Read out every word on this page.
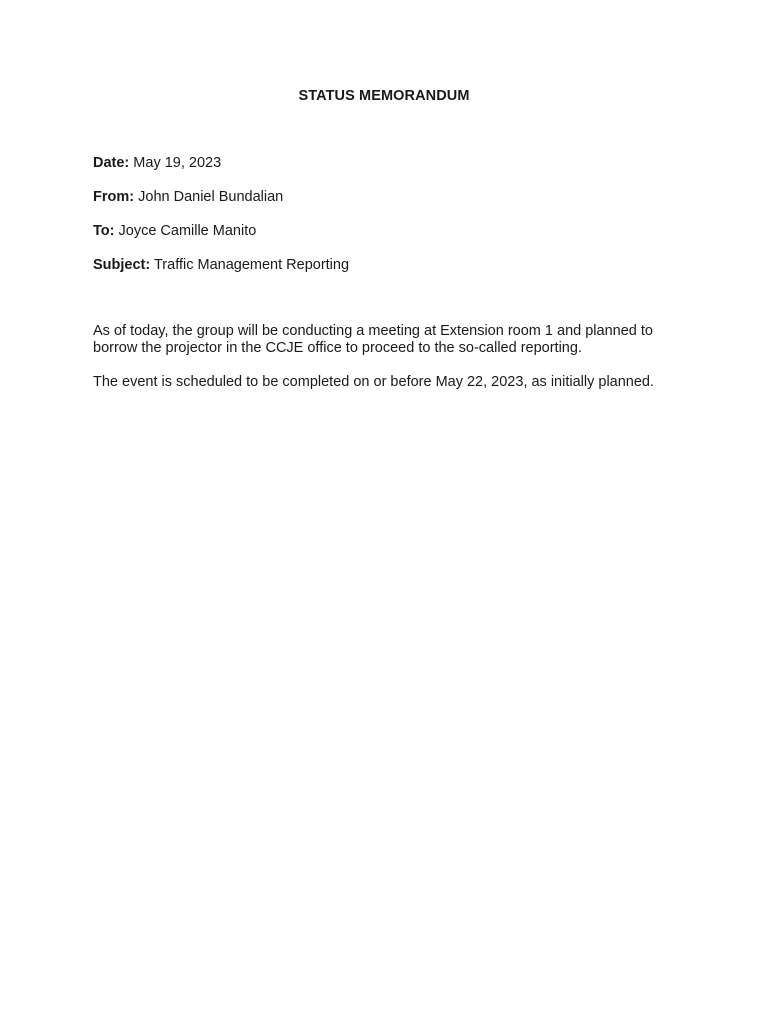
STATUS MEMORANDUM
Date: May 19, 2023
From: John Daniel Bundalian
To: Joyce Camille Manito
Subject: Traffic Management Reporting

As of today, the group will be conducting a meeting at Extension room 1 and planned to borrow the projector in the CCJE office to proceed to the so-called reporting.

The event is scheduled to be completed on or before May 22, 2023, as initially planned.
